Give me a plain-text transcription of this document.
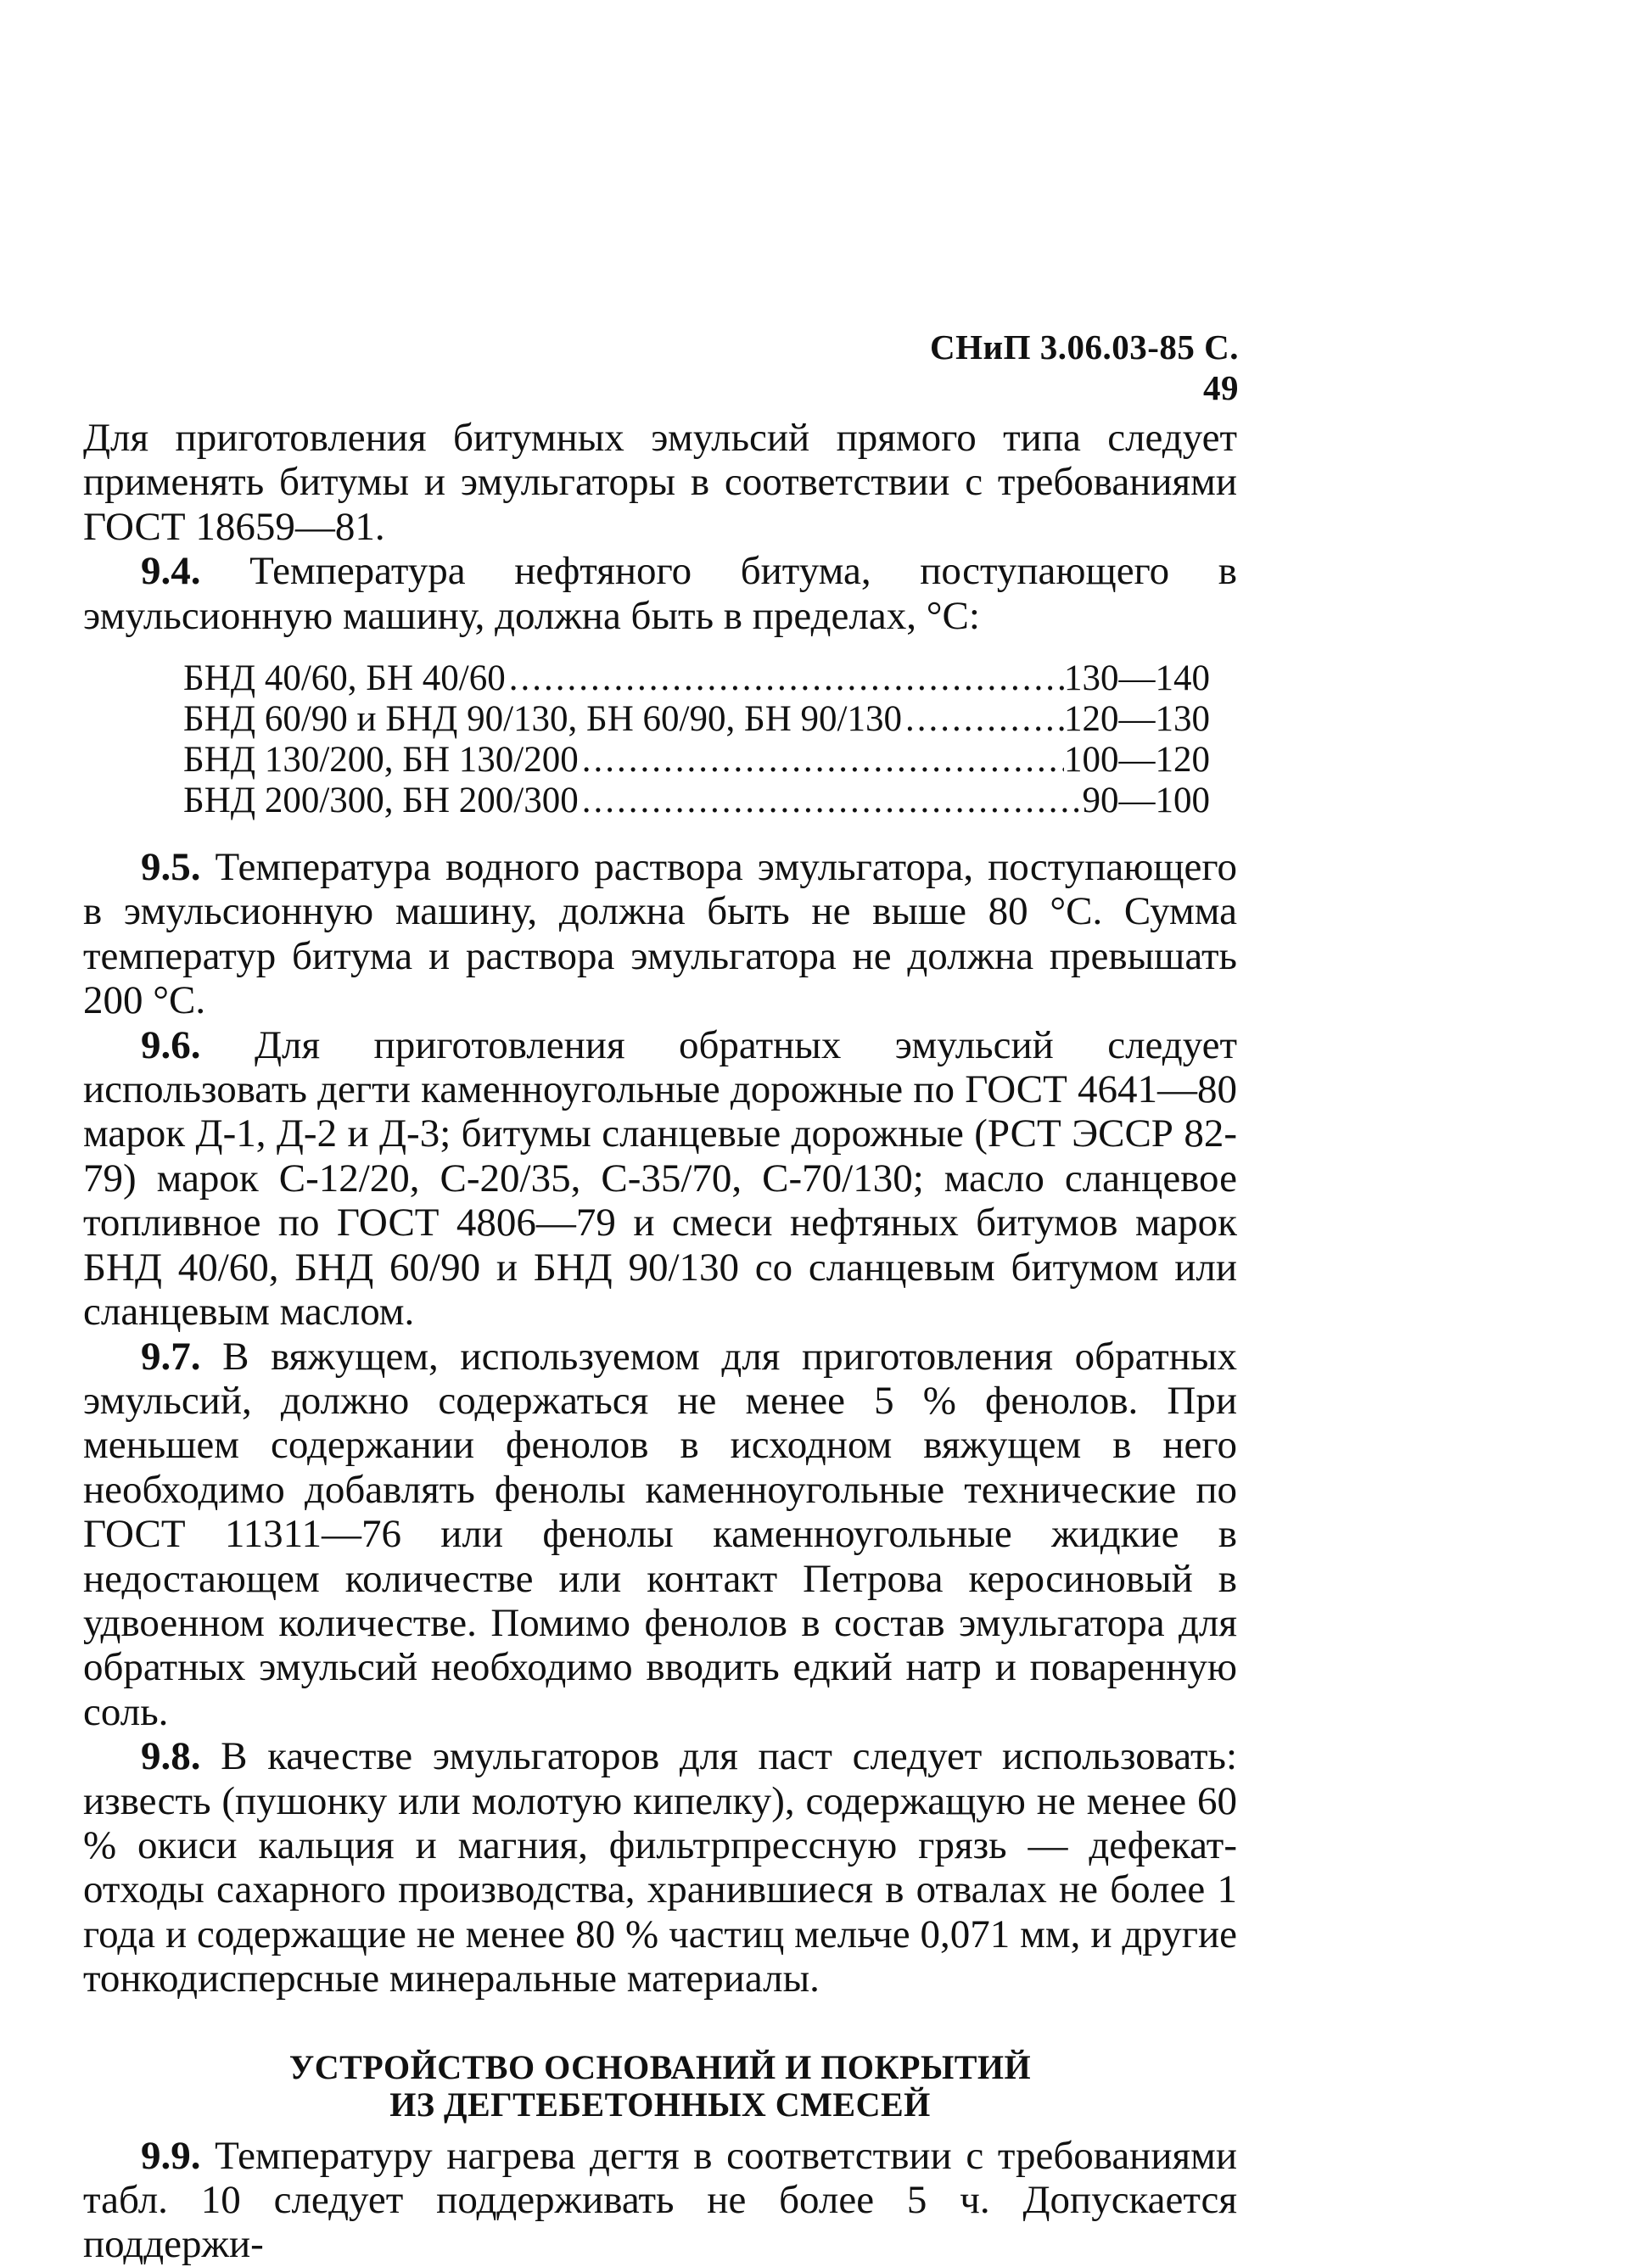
СНиП 3.06.03-85 С. 49

Для приготовления битумных эмульсий прямого типа следует применять битумы и эмульгаторы в соответствии с требованиями ГОСТ 18659—81.

9.4. Температура нефтяного битума, поступающего в эмульсионную машину, должна быть в пределах, °С:

БНД 40/60, БН 40/60 .....	130—140
БНД 60/90 и БНД 90/130, БН 60/90, БН 90/130 .....	120—130
БНД 130/200, БН 130/200 .....	100—120
БНД 200/300, БН 200/300 .....	90—100

9.5. Температура водного раствора эмульгатора, поступающего в эмульсионную машину, должна быть не выше 80 °С. Сумма температур битума и раствора эмульгатора не должна превышать 200 °С.

9.6. Для приготовления обратных эмульсий следует использовать дегти каменноугольные дорожные по ГОСТ 4641—80 марок Д-1, Д-2 и Д-3; битумы сланцевые дорожные (РСТ ЭССР 82-79) марок С-12/20, С-20/35, С-35/70, С-70/130; масло сланцевое топливное по ГОСТ 4806—79 и смеси нефтяных битумов марок БНД 40/60, БНД 60/90 и БНД 90/130 со сланцевым битумом или сланцевым маслом.

9.7. В вяжущем, используемом для приготовления обратных эмульсий, должно содержаться не менее 5 % фенолов. При меньшем содержании фенолов в исходном вяжущем в него необходимо добавлять фенолы каменноугольные технические по ГОСТ 11311—76 или фенолы каменноугольные жидкие в недостающем количестве или контакт Петрова керосиновый в удвоенном количестве. Помимо фенолов в состав эмульгатора для обратных эмульсий необходимо вводить едкий натр и поваренную соль.

9.8. В качестве эмульгаторов для паст следует использовать: известь (пушонку или молотую кипелку), содержащую не менее 60 % окиси кальция и магния, фильтрпрессную грязь — дефекат-отходы сахарного производства, хранившиеся в отвалах не более 1 года и содержащие не менее 80 % частиц мельче 0,071 мм, и другие тонкодисперсные минеральные материалы.

УСТРОЙСТВО ОСНОВАНИЙ И ПОКРЫТИЙ
ИЗ ДЕГТЕБЕТОННЫХ СМЕСЕЙ

9.9. Температуру нагрева дегтя в соответствии с требованиями табл. 10 следует поддерживать не более 5 ч. Допускается поддержи-
